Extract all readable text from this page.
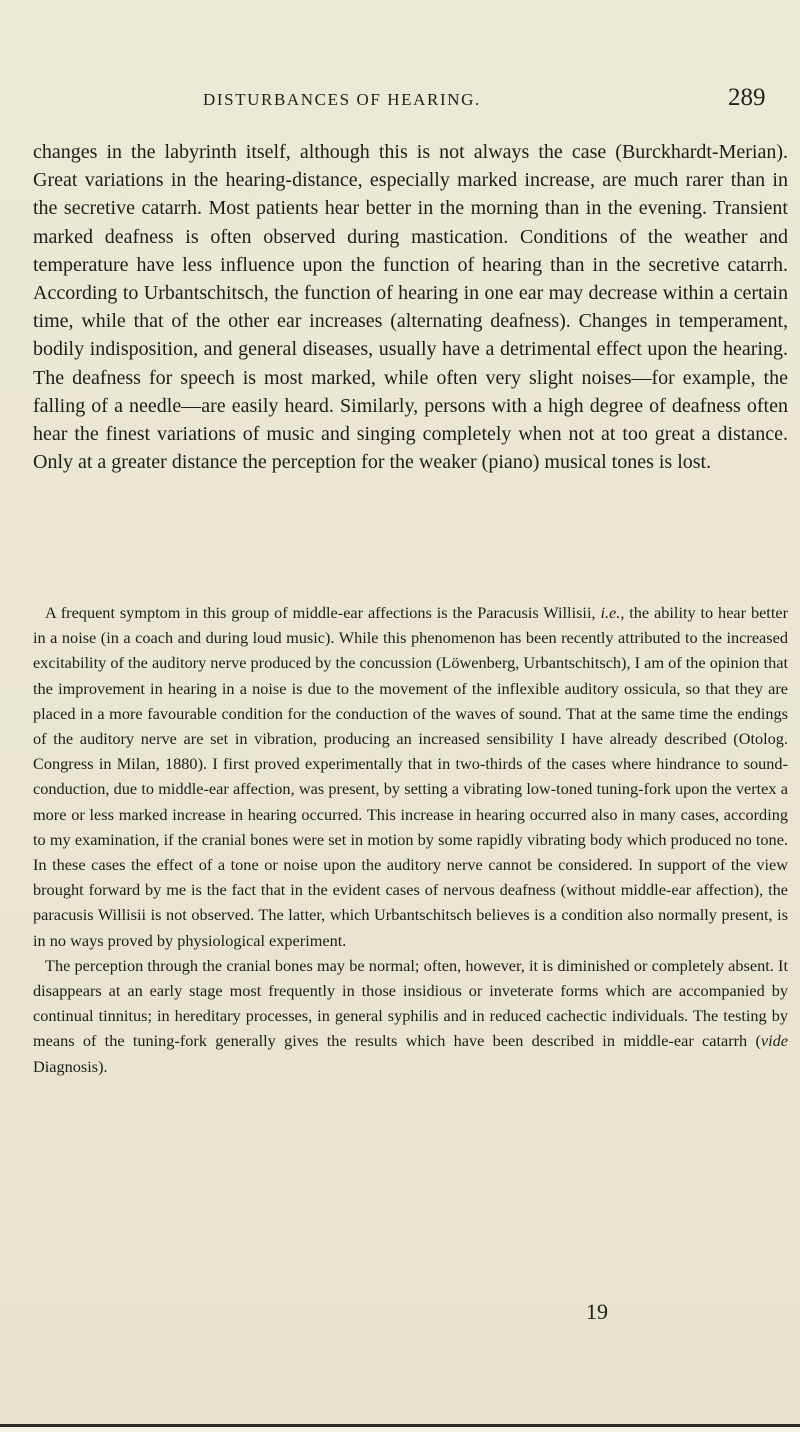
DISTURBANCES OF HEARING.	289

changes in the labyrinth itself, although this is not always the case (Burckhardt-Merian). Great variations in the hearing-distance, especially marked increase, are much rarer than in the secretive catarrh. Most patients hear better in the morning than in the evening. Transient marked deafness is often observed during mastication. Conditions of the weather and temperature have less influence upon the function of hearing than in the secretive catarrh. According to Urbantschitsch, the function of hearing in one ear may decrease within a certain time, while that of the other ear increases (alternating deafness). Changes in temperament, bodily indisposition, and general diseases, usually have a detrimental effect upon the hearing. The deafness for speech is most marked, while often very slight noises—for example, the falling of a needle—are easily heard. Similarly, persons with a high degree of deafness often hear the finest variations of music and singing completely when not at too great a distance. Only at a greater distance the perception for the weaker (piano) musical tones is lost.

A frequent symptom in this group of middle-ear affections is the Paracusis Willisii, i.e., the ability to hear better in a noise (in a coach and during loud music). While this phenomenon has been recently attributed to the increased excitability of the auditory nerve produced by the concussion (Löwenberg, Urbantschitsch), I am of the opinion that the improvement in hearing in a noise is due to the movement of the inflexible auditory ossicula, so that they are placed in a more favourable condition for the conduction of the waves of sound. That at the same time the endings of the auditory nerve are set in vibration, producing an increased sensibility I have already described (Otolog. Congress in Milan, 1880). I first proved experimentally that in two-thirds of the cases where hindrance to sound-conduction, due to middle-ear affection, was present, by setting a vibrating low-toned tuning-fork upon the vertex a more or less marked increase in hearing occurred. This increase in hearing occurred also in many cases, according to my examination, if the cranial bones were set in motion by some rapidly vibrating body which produced no tone. In these cases the effect of a tone or noise upon the auditory nerve cannot be considered. In support of the view brought forward by me is the fact that in the evident cases of nervous deafness (without middle-ear affection), the paracusis Willisii is not observed. The latter, which Urbantschitsch believes is a condition also normally present, is in no ways proved by physiological experiment.

The perception through the cranial bones may be normal; often, however, it is diminished or completely absent. It disappears at an early stage most frequently in those insidious or inveterate forms which are accompanied by continual tinnitus; in hereditary processes, in general syphilis and in reduced cachectic individuals. The testing by means of the tuning-fork generally gives the results which have been described in middle-ear catarrh (vide Diagnosis).

19
